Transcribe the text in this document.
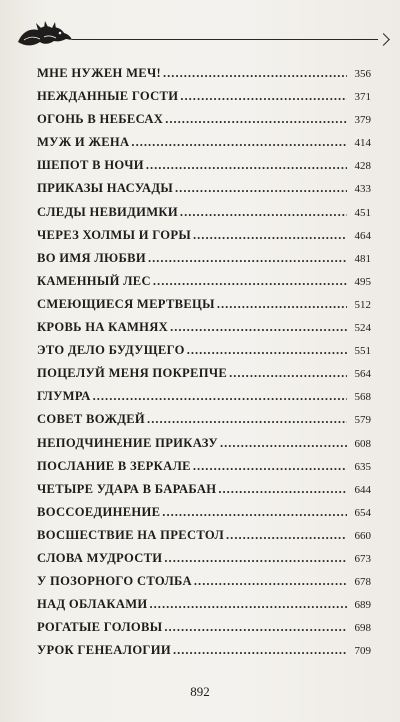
МНЕ НУЖЕН МЕЧ! .....	356
НЕЖДАННЫЕ ГОСТИ .....	371
ОГОНЬ В НЕБЕСАХ .....	379
МУЖ И ЖЕНА .....	414
ШЕПОТ В НОЧИ .....	428
ПРИКАЗЫ НАСУАДЫ .....	433
СЛЕДЫ НЕВИДИМКИ .....	451
ЧЕРЕЗ ХОЛМЫ И ГОРЫ .....	464
ВО ИМЯ ЛЮБВИ .....	481
КАМЕННЫЙ ЛЕС .....	495
СМЕЮЩИЕСЯ МЕРТВЕЦЫ .....	512
КРОВЬ НА КАМНЯХ .....	524
ЭТО ДЕЛО БУДУЩЕГО .....	551
ПОЦЕЛУЙ МЕНЯ ПОКРЕПЧЕ .....	564
ГЛУМРА .....	568
СОВЕТ ВОЖДЕЙ .....	579
НЕПОДЧИНЕНИЕ ПРИКАЗУ .....	608
ПОСЛАНИЕ В ЗЕРКАЛЕ .....	635
ЧЕТЫРЕ УДАРА В БАРАБАН .....	644
ВОССОЕДИНЕНИЕ .....	654
ВОСШЕСТВИЕ НА ПРЕСТОЛ .....	660
СЛОВА МУДРОСТИ .....	673
У ПОЗОРНОГО СТОЛБА .....	678
НАД ОБЛАКАМИ .....	689
РОГАТЫЕ ГОЛОВЫ .....	698
УРОК ГЕНЕАЛОГИИ .....	709
892
